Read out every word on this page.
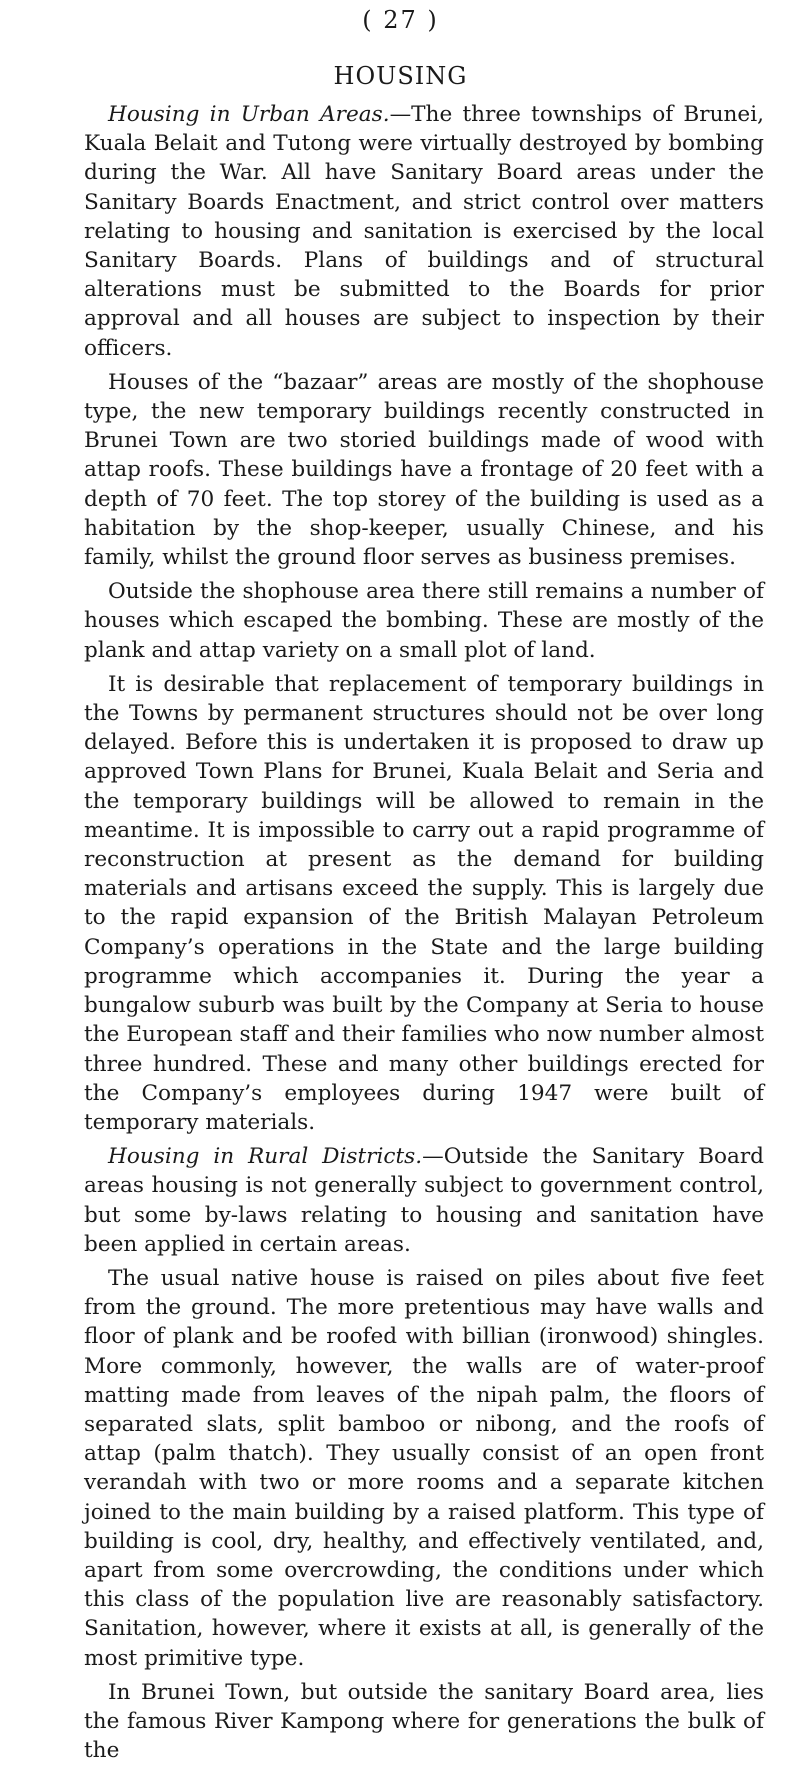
( 27 )
HOUSING

Housing in Urban Areas.—The three townships of Brunei, Kuala Belait and Tutong were virtually destroyed by bombing during the War. All have Sanitary Board areas under the Sanitary Boards Enactment, and strict control over matters relating to housing and sanitation is exercised by the local Sanitary Boards. Plans of buildings and of structural alterations must be submitted to the Boards for prior approval and all houses are subject to inspection by their officers.

Houses of the “bazaar” areas are mostly of the shophouse type, the new temporary buildings recently constructed in Brunei Town are two storied buildings made of wood with attap roofs. These buildings have a frontage of 20 feet with a depth of 70 feet. The top storey of the building is used as a habitation by the shop-keeper, usually Chinese, and his family, whilst the ground floor serves as business premises.

Outside the shophouse area there still remains a number of houses which escaped the bombing. These are mostly of the plank and attap variety on a small plot of land.

It is desirable that replacement of temporary buildings in the Towns by permanent structures should not be over long delayed. Before this is undertaken it is proposed to draw up approved Town Plans for Brunei, Kuala Belait and Seria and the temporary buildings will be allowed to remain in the meantime. It is impossible to carry out a rapid programme of reconstruction at present as the demand for building materials and artisans exceed the supply. This is largely due to the rapid expansion of the British Malayan Petroleum Company’s operations in the State and the large building programme which accompanies it. During the year a bungalow suburb was built by the Company at Seria to house the European staff and their families who now number almost three hundred. These and many other buildings erected for the Company’s employees during 1947 were built of temporary materials.

Housing in Rural Districts.—Outside the Sanitary Board areas housing is not generally subject to government control, but some by-laws relating to housing and sanitation have been applied in certain areas.

The usual native house is raised on piles about five feet from the ground. The more pretentious may have walls and floor of plank and be roofed with billian (ironwood) shingles. More commonly, however, the walls are of water-proof matting made from leaves of the nipah palm, the floors of separated slats, split bamboo or nibong, and the roofs of attap (palm thatch). They usually consist of an open front verandah with two or more rooms and a separate kitchen joined to the main building by a raised platform. This type of building is cool, dry, healthy, and effectively ventilated, and, apart from some overcrowding, the conditions under which this class of the population live are reasonably satisfactory. Sanitation, however, where it exists at all, is generally of the most primitive type.

In Brunei Town, but outside the sanitary Board area, lies the famous River Kampong where for generations the bulk of the
